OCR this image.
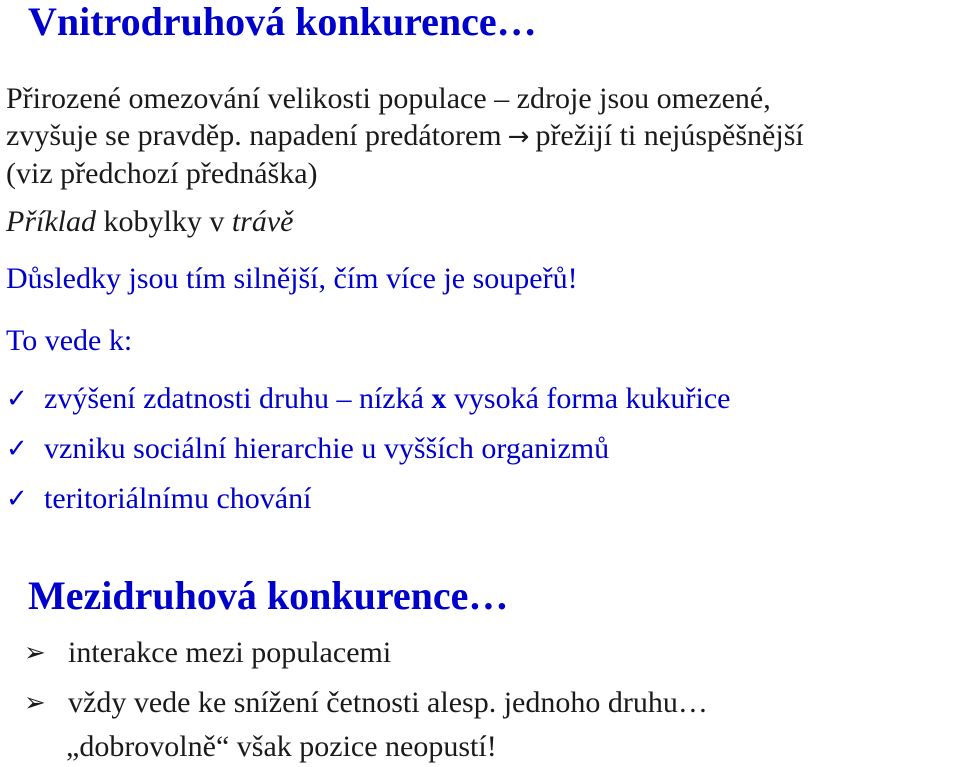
Vnitrodruhová konkurence…
Přirozené omezování velikosti populace – zdroje jsou omezené,
zvyšuje se pravděp. napadení predátorem → přežijí ti nejúspěšnější
(viz předchozí přednáška)
Příklad kobylky v trávě
Důsledky jsou tím silnější, čím více je soupeřů!
To vede k:
✓ zvýšení zdatnosti druhu – nízká x vysoká forma kukuřice
✓ vzniku sociální hierarchie u vyšších organizmů
✓ teritoriálnímu chování
Mezidruhová konkurence…
➢ interakce mezi populacemi
➢ vždy vede ke snížení četnosti alesp. jednoho druhu…
„dobrovolně“ však pozice neopustí!
